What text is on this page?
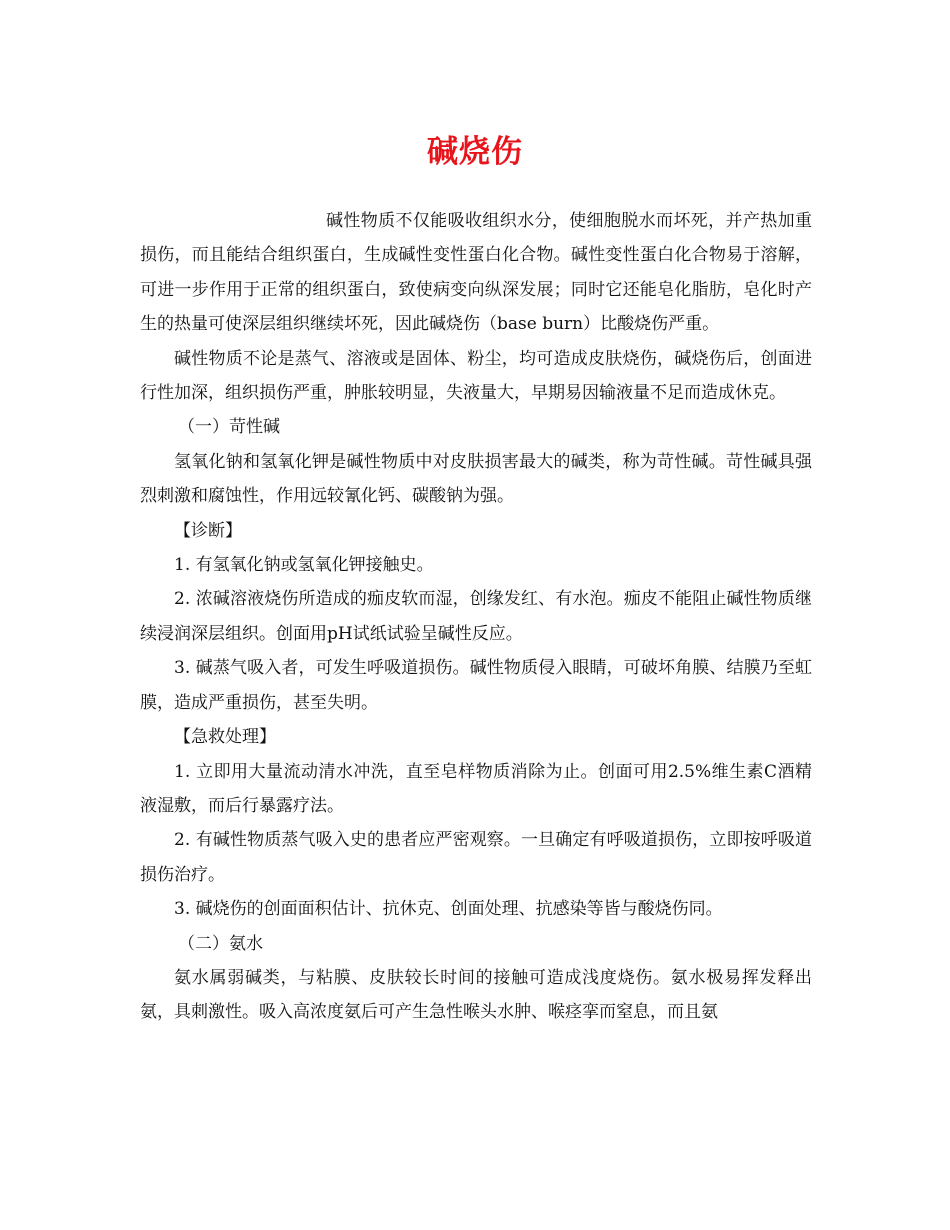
碱烧伤

碱性物质不仅能吸收组织水分，使细胞脱水而坏死，并产热加重损伤，而且能结合组织蛋白，生成碱性变性蛋白化合物。碱性变性蛋白化合物易于溶解，可进一步作用于正常的组织蛋白，致使病变向纵深发展；同时它还能皂化脂肪，皂化时产生的热量可使深层组织继续坏死，因此碱烧伤（base burn）比酸烧伤严重。

碱性物质不论是蒸气、溶液或是固体、粉尘，均可造成皮肤烧伤，碱烧伤后，创面进行性加深，组织损伤严重，肿胀较明显，失液量大，早期易因输液量不足而造成休克。

（一）苛性碱

氢氧化钠和氢氧化钾是碱性物质中对皮肤损害最大的碱类，称为苛性碱。苛性碱具强烈刺激和腐蚀性，作用远较氰化钙、碳酸钠为强。

【诊断】

1. 有氢氧化钠或氢氧化钾接触史。

2. 浓碱溶液烧伤所造成的痂皮软而湿，创缘发红、有水泡。痂皮不能阻止碱性物质继续浸润深层组织。创面用pH试纸试验呈碱性反应。

3. 碱蒸气吸入者，可发生呼吸道损伤。碱性物质侵入眼睛，可破坏角膜、结膜乃至虹膜，造成严重损伤，甚至失明。

【急救处理】

1. 立即用大量流动清水冲洗，直至皂样物质消除为止。创面可用2.5%维生素C酒精液湿敷，而后行暴露疗法。

2. 有碱性物质蒸气吸入史的患者应严密观察。一旦确定有呼吸道损伤，立即按呼吸道损伤治疗。

3. 碱烧伤的创面面积估计、抗休克、创面处理、抗感染等皆与酸烧伤同。

（二）氨水

氨水属弱碱类，与粘膜、皮肤较长时间的接触可造成浅度烧伤。氨水极易挥发释出氨，具刺激性。吸入高浓度氨后可产生急性喉头水肿、喉痉挛而窒息，而且氨
